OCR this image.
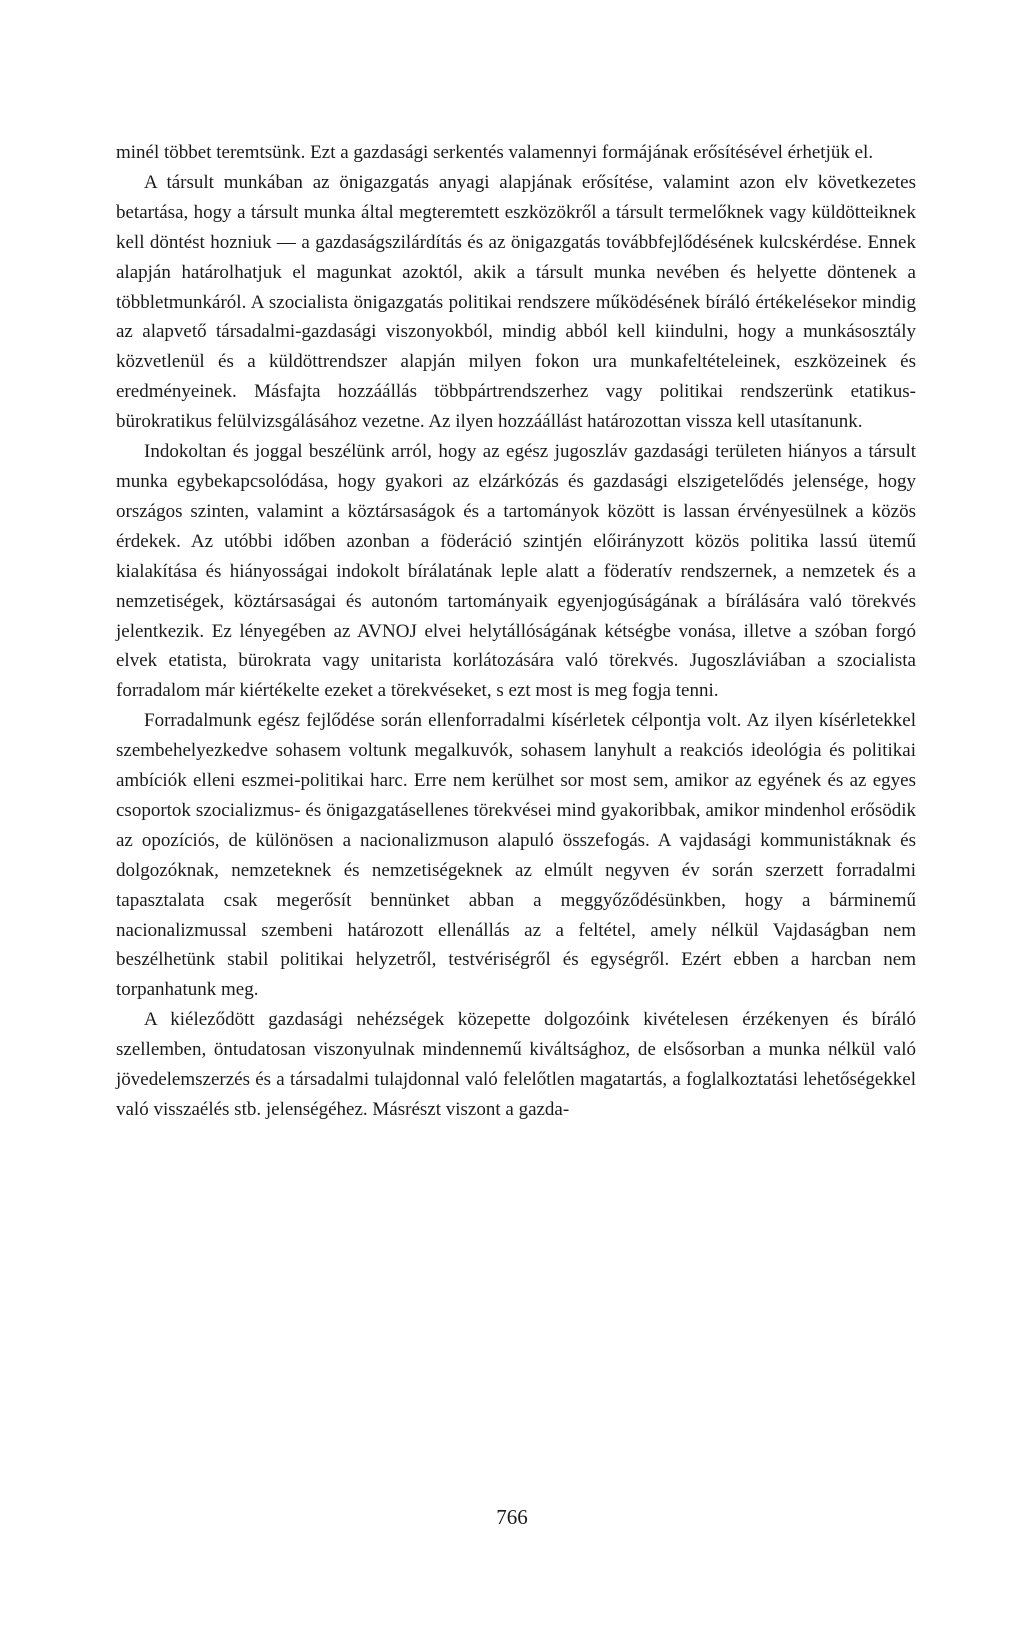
minél többet teremtsünk. Ezt a gazdasági serkentés valamennyi formájának erősítésével érhetjük el.

A társult munkában az önigazgatás anyagi alapjának erősítése, valamint azon elv következetes betartása, hogy a társult munka által megteremtett eszközökről a társult termelőknek vagy küldötteiknek kell döntést hozniuk — a gazdaságszilárdítás és az önigazgatás továbbfejlődésének kulcskérdése. Ennek alapján határolhatjuk el magunkat azoktól, akik a társult munka nevében és helyette döntenek a többletmunkáról. A szocialista önigazgatás politikai rendszere működésének bíráló értékelésekor mindig az alapvető társadalmi-gazdasági viszonyokból, mindig abból kell kiindulni, hogy a munkásosztály közvetlenül és a küldöttrendszer alapján milyen fokon ura munkafeltételeinek, eszközeinek és eredményeinek. Másfajta hozzáállás többpártrendszerhez vagy politikai rendszerünk etatikus-bürokratikus felülvizsgálásához vezetne. Az ilyen hozzáállást határozottan vissza kell utasítanunk.

Indokoltan és joggal beszélünk arról, hogy az egész jugoszláv gazdasági területen hiányos a társult munka egybekapcsolódása, hogy gyakori az elzárkózás és gazdasági elszigetelődés jelensége, hogy országos szinten, valamint a köztársaságok és a tartományok között is lassan érvényesülnek a közös érdekek. Az utóbbi időben azonban a föderáció szintjén előirányzott közös politika lassú ütemű kialakítása és hiányosságai indokolt bírálatának leple alatt a föderatív rendszernek, a nemzetek és a nemzetiségek, köztársaságai és autonóm tartományaik egyenjogúságának a bírálására való törekvés jelentkezik. Ez lényegében az AVNOJ elvei helytállóságának kétségbe vonása, illetve a szóban forgó elvek etatista, bürokrata vagy unitarista korlátozására való törekvés. Jugoszláviában a szocialista forradalom már kiértékelte ezeket a törekvéseket, s ezt most is meg fogja tenni.

Forradalmunk egész fejlődése során ellenforradalmi kísérletek célpontja volt. Az ilyen kísérletekkel szembehelyezkedve sohasem voltunk megalkuvók, sohasem lanyhult a reakciós ideológia és politikai ambíciók elleni eszmei-politikai harc. Erre nem kerülhet sor most sem, amikor az egyének és az egyes csoportok szocializmus- és önigazgatásellenes törekvései mind gyakoribbak, amikor mindenhol erősödik az opozíciós, de különösen a nacionalizmuson alapuló összefogás. A vajdasági kommunistáknak és dolgozóknak, nemzeteknek és nemzetiségeknek az elmúlt negyven év során szerzett forradalmi tapasztalata csak megerősít bennünket abban a meggyőződésünkben, hogy a bárminemű nacionalizmussal szembeni határozott ellenállás az a feltétel, amely nélkül Vajdaságban nem beszélhetünk stabil politikai helyzetről, testvériségről és egységről. Ezért ebben a harcban nem torpanhatunk meg.

A kiéleződött gazdasági nehézségek közepette dolgozóink kivételesen érzékenyen és bíráló szellemben, öntudatosan viszonyulnak mindennemű kiváltsághoz, de elsősorban a munka nélkül való jövedelemszerzés és a társadalmi tulajdonnal való felelőtlen magatartás, a foglalkoztatási lehetőségekkel való visszaélés stb. jelenségéhez. Másrészt viszont a gazda-

766
